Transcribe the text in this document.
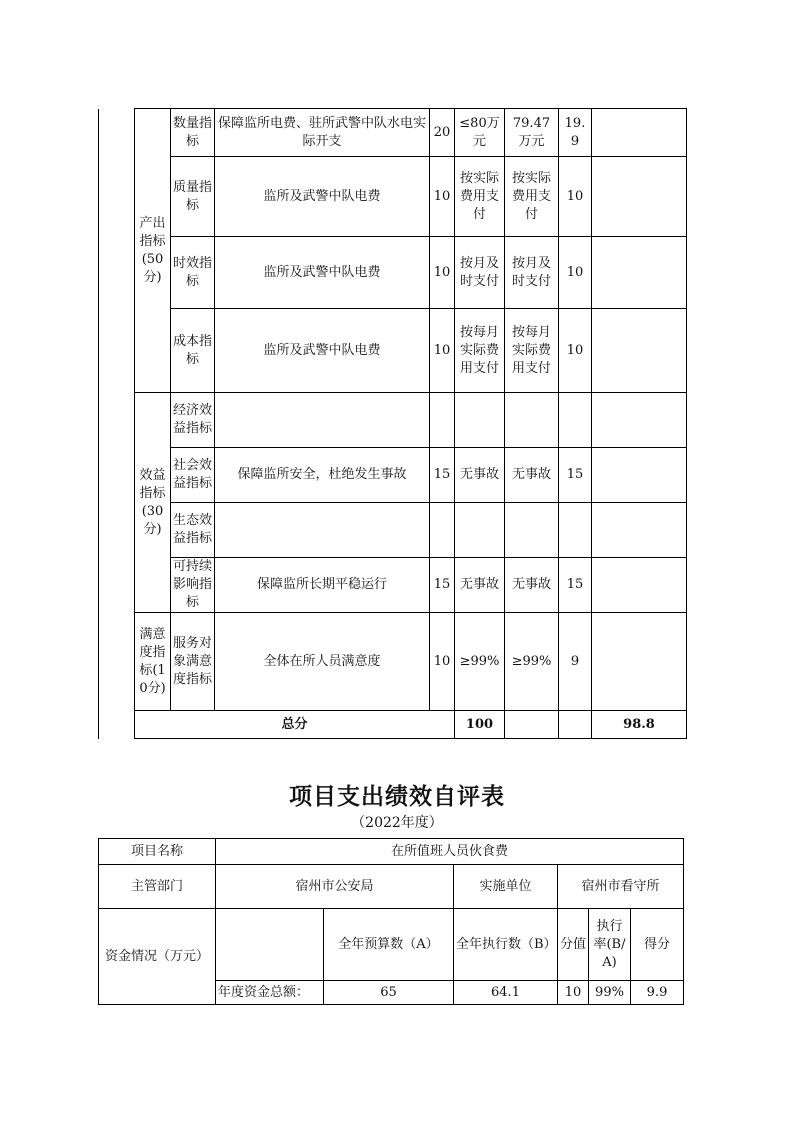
	产出指标(50分)	数量指标	保障监所电费、驻所武警中队水电实际开支	20	≤80万元	79.47万元	19.9		
		质量指标	监所及武警中队电费	10	按实际费用支付	按实际费用支付	10		
		时效指标	监所及武警中队电费	10	按月及时支付	按月及时支付	10		
		成本指标	监所及武警中队电费	10	按每月实际费用支付	按每月实际费用支付	10		
	效益指标(30分)	经济效益指标							
		社会效益指标	保障监所安全，杜绝发生事故	15	无事故	无事故	15		
		生态效益指标							
		可持续影响指标	保障监所长期平稳运行	15	无事故	无事故	15		
	满意度指标(10分)	服务对象满意度指标	全体在所人员满意度	10	≥99%	≥99%	9		
	总分				100			98.8	
项目支出绩效自评表
（2022年度）
项目名称	在所值班人员伙食费					
主管部门	宿州市公安局		实施单位	宿州市看守所		
资金情况（万元）		全年预算数（A）	全年执行数（B）	分值	执行率(B/A)	得分
	年度资金总额：	65	64.1	10	99%	9.9
